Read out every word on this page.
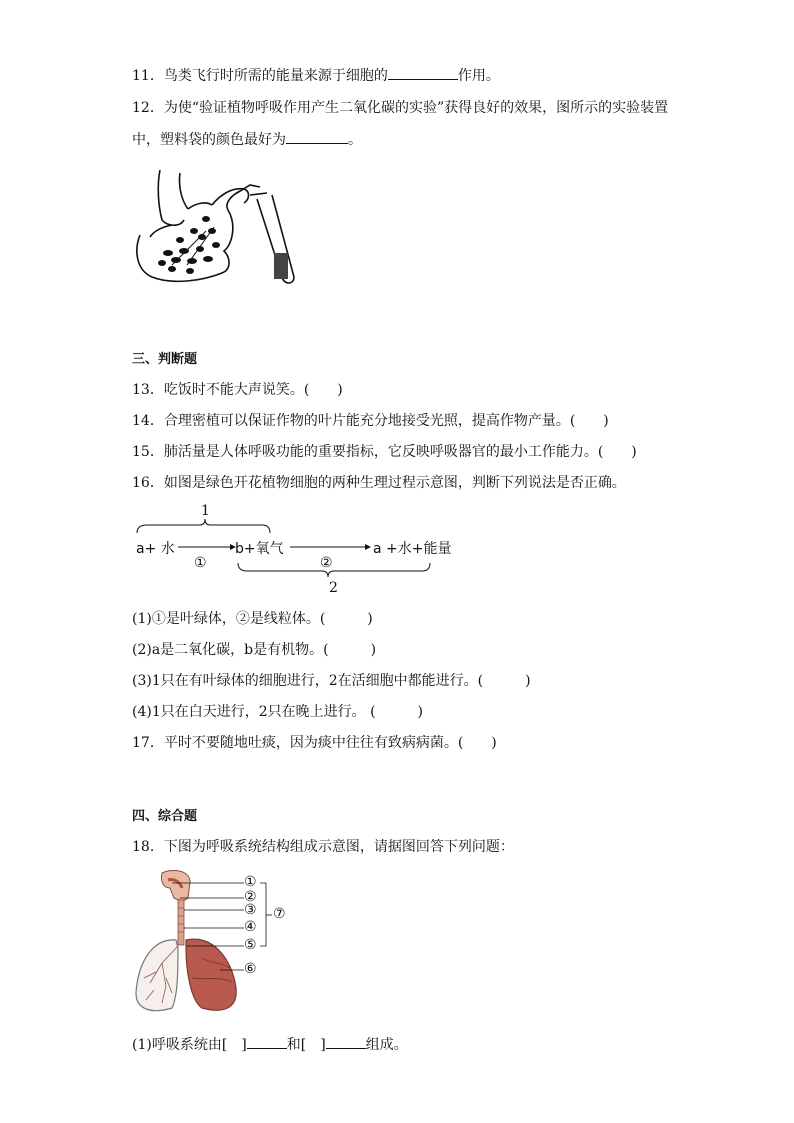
11．鸟类飞行时所需的能量来源于细胞的	作用。
12．为使“验证植物呼吸作用产生二氧化碳的实验”获得良好的效果，图所示的实验装置
中，塑料袋的颜色最好为	。
三、判断题
13．吃饭时不能大声说笑。(　　)
14．合理密植可以保证作物的叶片能充分地接受光照，提高作物产量。(　　)
15．肺活量是人体呼吸功能的重要指标，它反映呼吸器官的最小工作能力。(　　)
16．如图是绿色开花植物细胞的两种生理过程示意图，判断下列说法是否正确。
1
a+ 水	b+氧气	a +水+能量
①	②
2
(1)①是叶绿体，②是线粒体。(　　　)
(2)a是二氧化碳，b是有机物。(　　　)
(3)1只在有叶绿体的细胞进行，2在活细胞中都能进行。(　　　)
(4)1只在白天进行，2只在晚上进行。 (　　　)
17．平时不要随地吐痰，因为痰中往往有致病病菌。(　　)
四、综合题
18．下图为呼吸系统结构组成示意图，请据图回答下列问题：
①
②
③
④
⑤
⑥
⑦
(1)呼吸系统由[　]	和[　]	组成。
